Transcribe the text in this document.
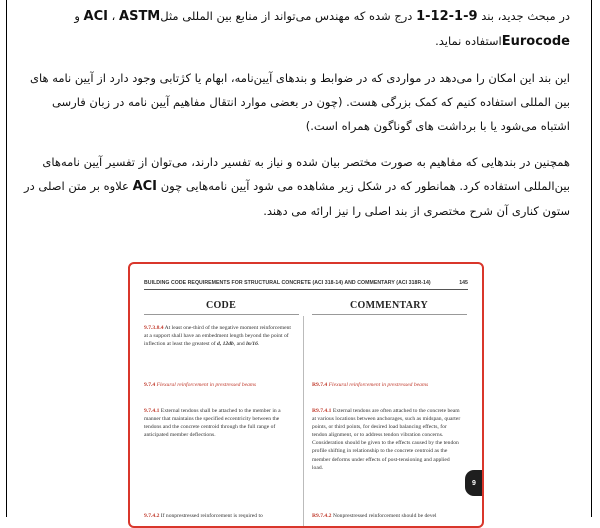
در مبحث جدید، بند 9-1-12-1 درج شده که مهندس می‌تواند از منابع بین المللی مثلACI ، ASTM و Eurocodeاستفاده نماید.
این بند این امکان را می‌دهد در مواردی که در ضوابط و بندهای آیین‌نامه، ابهام یا کژتابی وجود دارد از آیین نامه های بین المللی استفاده کنیم که کمک بزرگی هست. (چون در بعضی موارد انتقال مفاهیم آیین نامه در زبان فارسی اشتباه می‌شود یا با برداشت های گوناگون همراه است.)
همچنین در بندهایی که مفاهیم به صورت مختصر بیان شده و نیاز به تفسیر دارند، می‌توان از تفسیر آیین نامه‌های بین‌المللی استفاده کرد. همانطور که در شکل زیر مشاهده می شود آیین نامه‌هایی چون ACI علاوه بر متن اصلی در ستون کناری آن شرح مختصری از بند اصلی را نیز ارائه می دهند.
BUILDING CODE REQUIREMENTS FOR STRUCTURAL CONCRETE (ACI 318-14) AND COMMENTARY (ACI 318R-14)	145
CODE	COMMENTARY
9.7.3.8.4 At least one-third of the negative moment reinforcement at a support shall have an embedment length beyond the point of inflection at least the greatest of d, 12db, and ln/16.
9.7.4 Flexural reinforcement in prestressed beams
9.7.4.1 External tendons shall be attached to the member in a manner that maintains the specified eccentricity between the tendons and the concrete centroid through the full range of anticipated member deflections.
9.7.4.2 If nonprestressed reinforcement is required to
R9.7.4 Flexural reinforcement in prestressed beams
R9.7.4.1 External tendons are often attached to the concrete beam at various locations between anchorages, such as midspan, quarter points, or third points, for desired load balancing effects, for tendon alignment, or to address tendon vibration concerns. Consideration should be given to the effects caused by the tendon profile shifting in relationship to the concrete centroid as the member deforms under effects of post-tensioning and applied load.
R9.7.4.2 Nonprestressed reinforcement should be devel
9
